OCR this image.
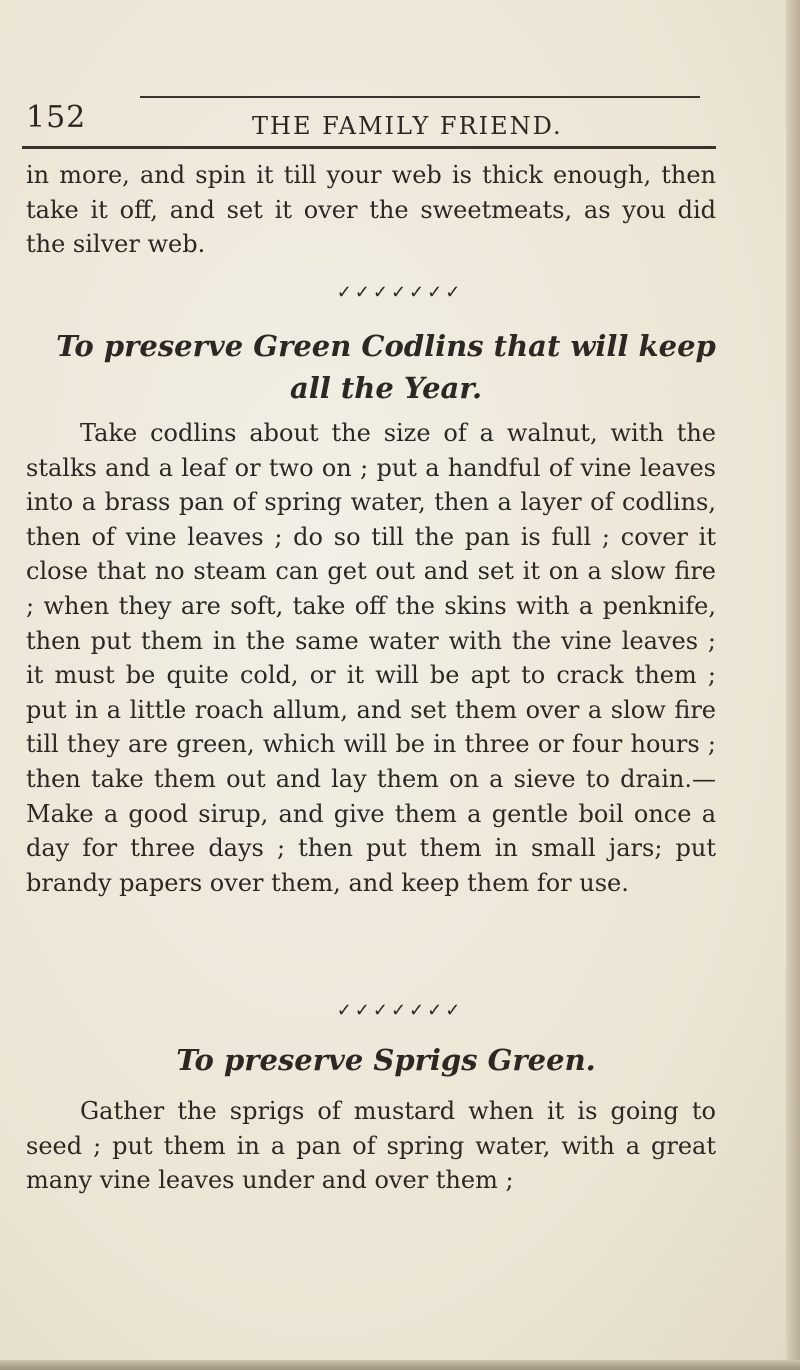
152	THE FAMILY FRIEND.
in more, and spin it till your web is thick enough, then take it off, and set it over the sweetmeats, as you did the silver web.
✓✓✓✓✓✓✓
To preserve Green Codlins that will keep
all the Year.
Take codlins about the size of a walnut, with the stalks and a leaf or two on ; put a handful of vine leaves into a brass pan of spring water, then a layer of codlins, then of vine leaves ; do so till the pan is full ; cover it close that no steam can get out and set it on a slow fire ; when they are soft, take off the skins with a penknife, then put them in the same water with the vine leaves ; it must be quite cold, or it will be apt to crack them ; put in a little roach allum, and set them over a slow fire till they are green, which will be in three or four hours ; then take them out and lay them on a sieve to drain.—Make a good sirup, and give them a gentle boil once a day for three days ; then put them in small jars; put brandy papers over them, and keep them for use.
✓✓✓✓✓✓✓
To preserve Sprigs Green.
Gather the sprigs of mustard when it is going to seed ; put them in a pan of spring water, with a great many vine leaves under and over them ;
